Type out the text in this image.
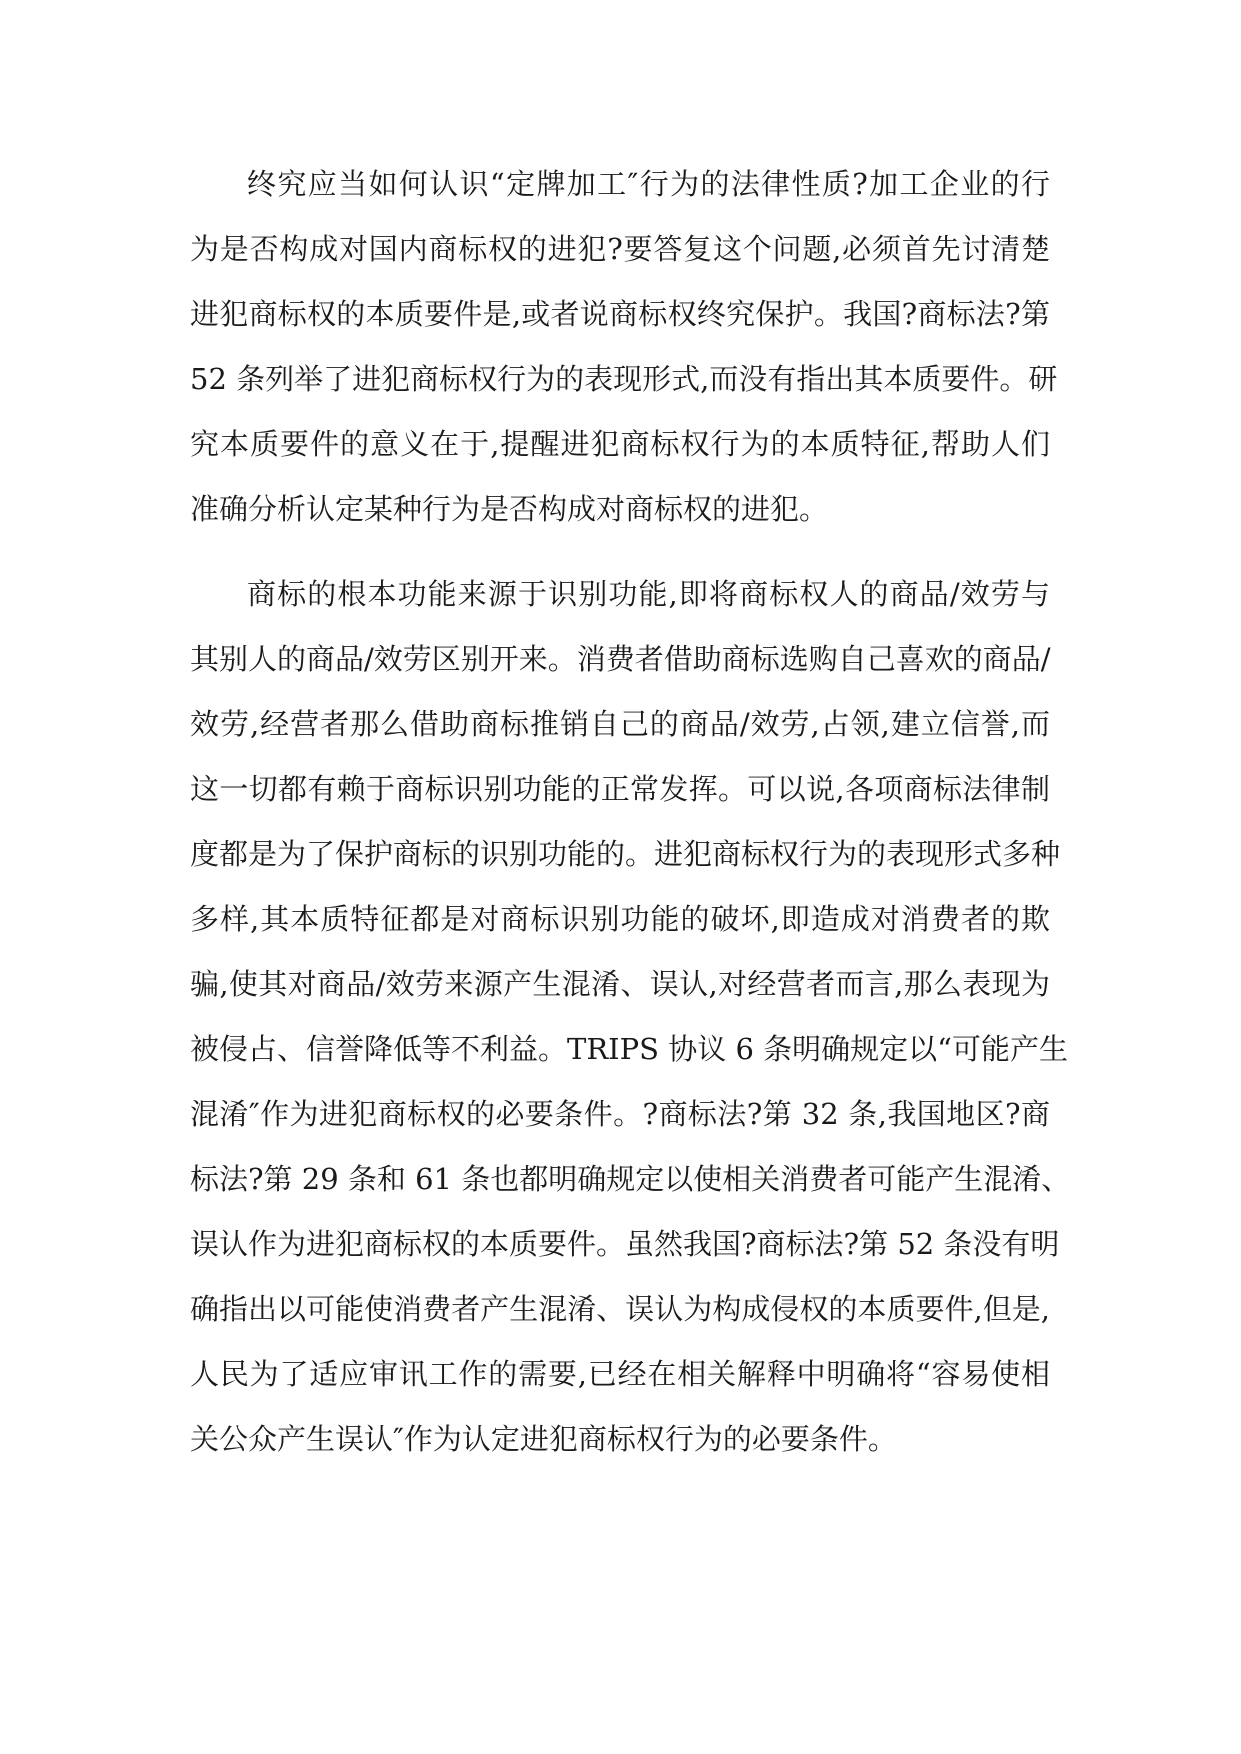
终究应当如何认识“定牌加工″行为的法律性质?加工企业的行
为是否构成对国内商标权的进犯?要答复这个问题,必须首先讨清楚
进犯商标权的本质要件是,或者说商标权终究保护。我国?商标法?第
52 条列举了进犯商标权行为的表现形式,而没有指出其本质要件。研
究本质要件的意义在于,提醒进犯商标权行为的本质特征,帮助人们
准确分析认定某种行为是否构成对商标权的进犯。
商标的根本功能来源于识别功能,即将商标权人的商品/效劳与
其别人的商品/效劳区别开来。消费者借助商标选购自己喜欢的商品/
效劳,经营者那么借助商标推销自己的商品/效劳,占领,建立信誉,而
这一切都有赖于商标识别功能的正常发挥。可以说,各项商标法律制
度都是为了保护商标的识别功能的。进犯商标权行为的表现形式多种
多样,其本质特征都是对商标识别功能的破坏,即造成对消费者的欺
骗,使其对商品/效劳来源产生混淆、误认,对经营者而言,那么表现为
被侵占、信誉降低等不利益。TRIPS 协议 6 条明确规定以“可能产生
混淆″作为进犯商标权的必要条件。?商标法?第 32 条,我国地区?商
标法?第 29 条和 61 条也都明确规定以使相关消费者可能产生混淆、
误认作为进犯商标权的本质要件。虽然我国?商标法?第 52 条没有明
确指出以可能使消费者产生混淆、误认为构成侵权的本质要件,但是,
人民为了适应审讯工作的需要,已经在相关解释中明确将“容易使相
关公众产生误认″作为认定进犯商标权行为的必要条件。
